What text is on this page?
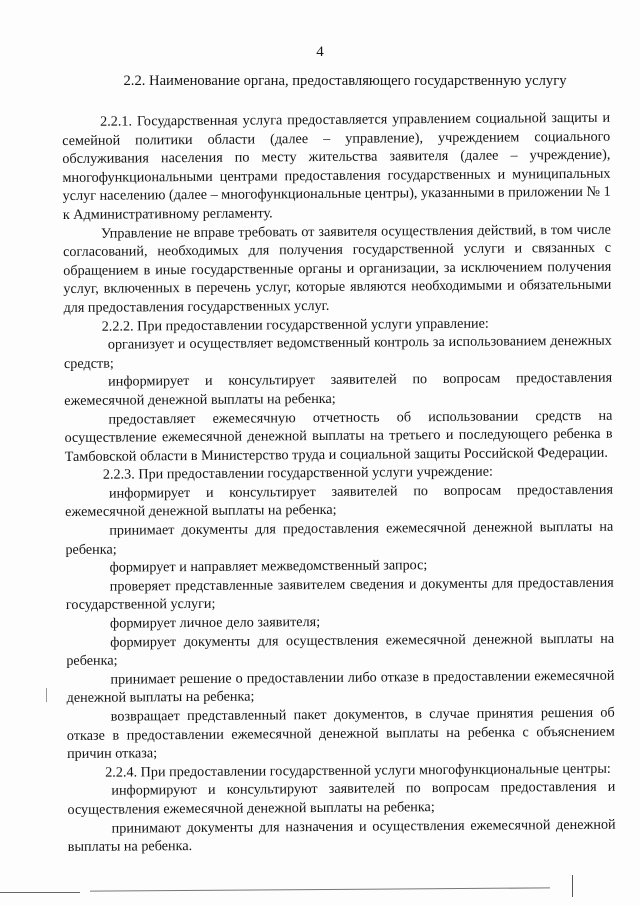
4
2.2. Наименование органа, предоставляющего государственную услугу

2.2.1. Государственная услуга предоставляется управлением социальной защиты и семейной политики области (далее – управление), учреждением социального обслуживания населения по месту жительства заявителя (далее – учреждение), многофункциональными центрами предоставления государственных и муниципальных услуг населению (далее – многофункциональные центры), указанными в приложении № 1 к Административному регламенту.

Управление не вправе требовать от заявителя осуществления действий, в том числе согласований, необходимых для получения государственной услуги и связанных с обращением в иные государственные органы и организации, за исключением получения услуг, включенных в перечень услуг, которые являются необходимыми и обязательными для предоставления государственных услуг.

2.2.2. При предоставлении государственной услуги управление:

организует и осуществляет ведомственный контроль за использованием денежных средств;

информирует и консультирует заявителей по вопросам предоставления ежемесячной денежной выплаты на ребенка;

предоставляет ежемесячную отчетность об использовании средств на осуществление ежемесячной денежной выплаты на третьего и последующего ребенка в Тамбовской области в Министерство труда и социальной защиты Российской Федерации.

2.2.3. При предоставлении государственной услуги учреждение:

информирует и консультирует заявителей по вопросам предоставления ежемесячной денежной выплаты на ребенка;

принимает документы для предоставления ежемесячной денежной выплаты на ребенка;

формирует и направляет межведомственный запрос;

проверяет представленные заявителем сведения и документы для предоставления государственной услуги;

формирует личное дело заявителя;

формирует документы для осуществления ежемесячной денежной выплаты на ребенка;

принимает решение о предоставлении либо отказе в предоставлении ежемесячной денежной выплаты на ребенка;

возвращает представленный пакет документов, в случае принятия решения об отказе в предоставлении ежемесячной денежной выплаты на ребенка с объяснением причин отказа;

2.2.4. При предоставлении государственной услуги многофункциональные центры:

информируют и консультируют заявителей по вопросам предоставления и осуществления ежемесячной денежной выплаты на ребенка;

принимают документы для назначения и осуществления ежемесячной денежной выплаты на ребенка.
